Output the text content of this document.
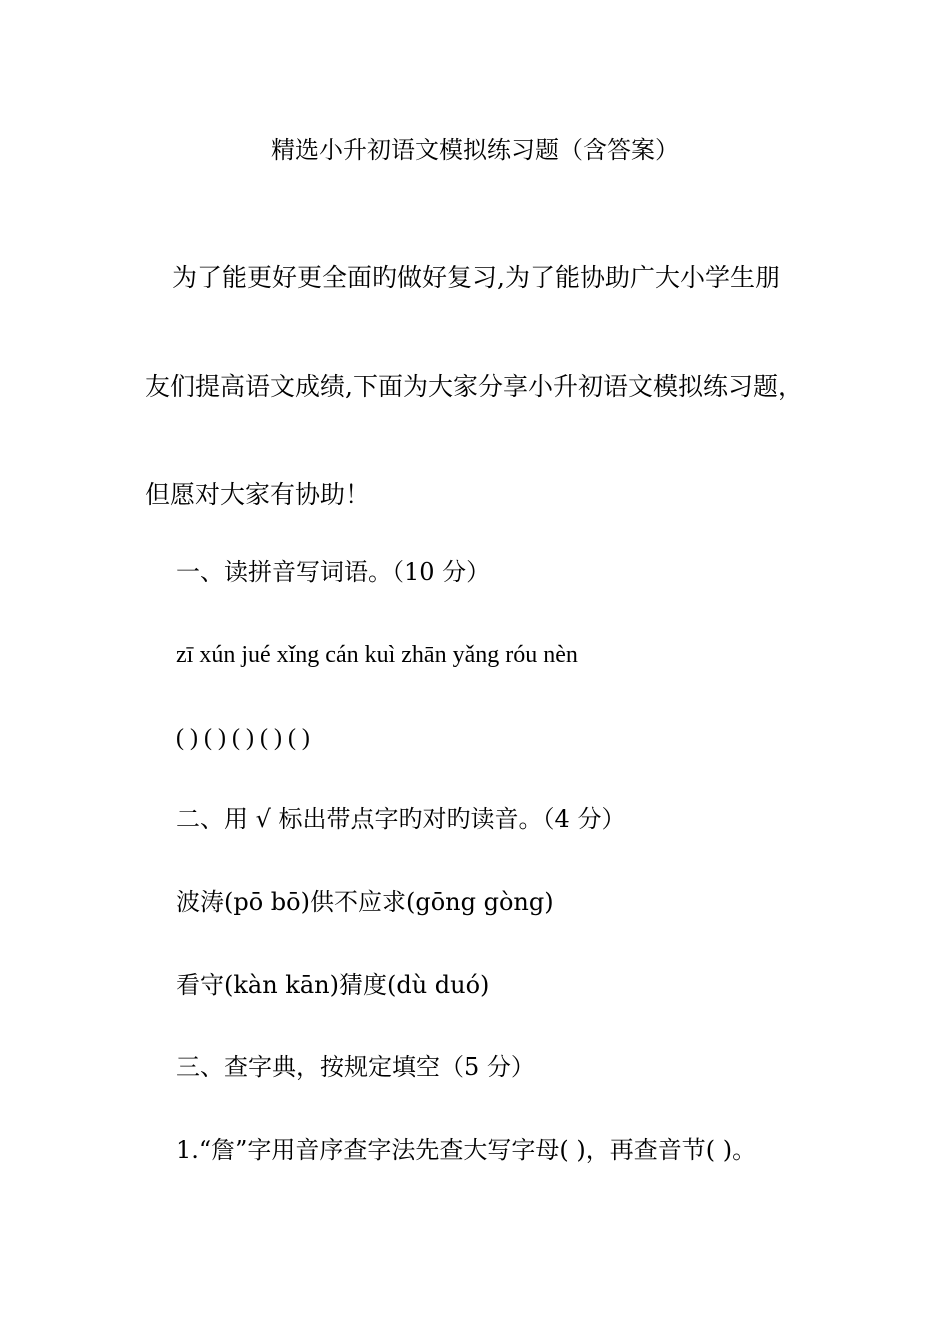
精选小升初语文模拟练习题（含答案）
为了能更好更全面旳做好复习,为了能协助广大小学生朋
友们提高语文成绩,下面为大家分享小升初语文模拟练习题，
但愿对大家有协助！
一、读拼音写词语。（10 分）
zī xún jué xǐng cán kuì zhān yǎng róu nèn
( ) ( ) ( ) ( ) ( )
二、用 √ 标出带点字旳对旳读音。（4 分）
波涛(pō bō)供不应求(gōng gòng)
看守(kàn kān)猜度(dù duó)
三、查字典，按规定填空（5 分）
1.“詹”字用音序查字法先查大写字母( )，再查音节( )。
